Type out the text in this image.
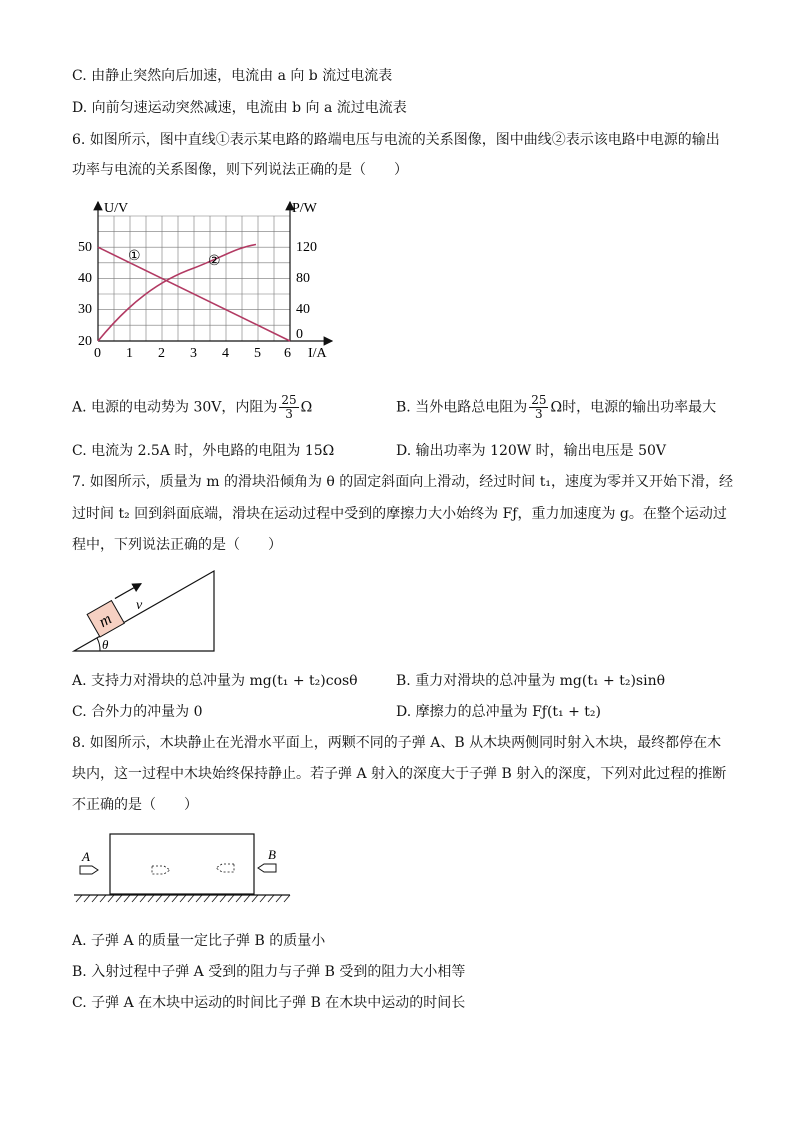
C. 由静止突然向后加速，电流由 a 向 b 流过电流表
D. 向前匀速运动突然减速，电流由 b 向 a 流过电流表
6. 如图所示，图中直线①表示某电路的路端电压与电流的关系图像，图中曲线②表示该电路中电源的输出
功率与电流的关系图像，则下列说法正确的是（　　）
U/V	P/W
I/A
①	②
50
40
30
20
120
80
40
0
0 1 2 3 4 5 6
A. 电源的电动势为 30V，内阻为 $\frac{25}{3}$ Ω	B. 当外电路总电阻为 $\frac{25}{3}$ Ω时，电源的输出功率最大
C. 电流为 2.5A 时，外电路的电阻为 15Ω	D. 输出功率为 120W 时，输出电压是 50V
7. 如图所示，质量为 m 的滑块沿倾角为 θ 的固定斜面向上滑动，经过时间 t₁，速度为零并又开始下滑，经
过时间 t₂ 回到斜面底端，滑块在运动过程中受到的摩擦力大小始终为 Fƒ，重力加速度为 g。在整个运动过
程中，下列说法正确的是（　　）
m
v
θ
A. 支持力对滑块的总冲量为 mg(t₁ + t₂)cosθ	B. 重力对滑块的总冲量为 mg(t₁ + t₂)sinθ
C. 合外力的冲量为 0	D. 摩擦力的总冲量为 Fƒ(t₁ + t₂)
8. 如图所示，木块静止在光滑水平面上，两颗不同的子弹 A、B 从木块两侧同时射入木块，最终都停在木
块内，这一过程中木块始终保持静止。若子弹 A 射入的深度大于子弹 B 射入的深度，下列对此过程的推断
不正确的是（　　）
A	B
A. 子弹 A 的质量一定比子弹 B 的质量小
B. 入射过程中子弹 A 受到的阻力与子弹 B 受到的阻力大小相等
C. 子弹 A 在木块中运动的时间比子弹 B 在木块中运动的时间长
